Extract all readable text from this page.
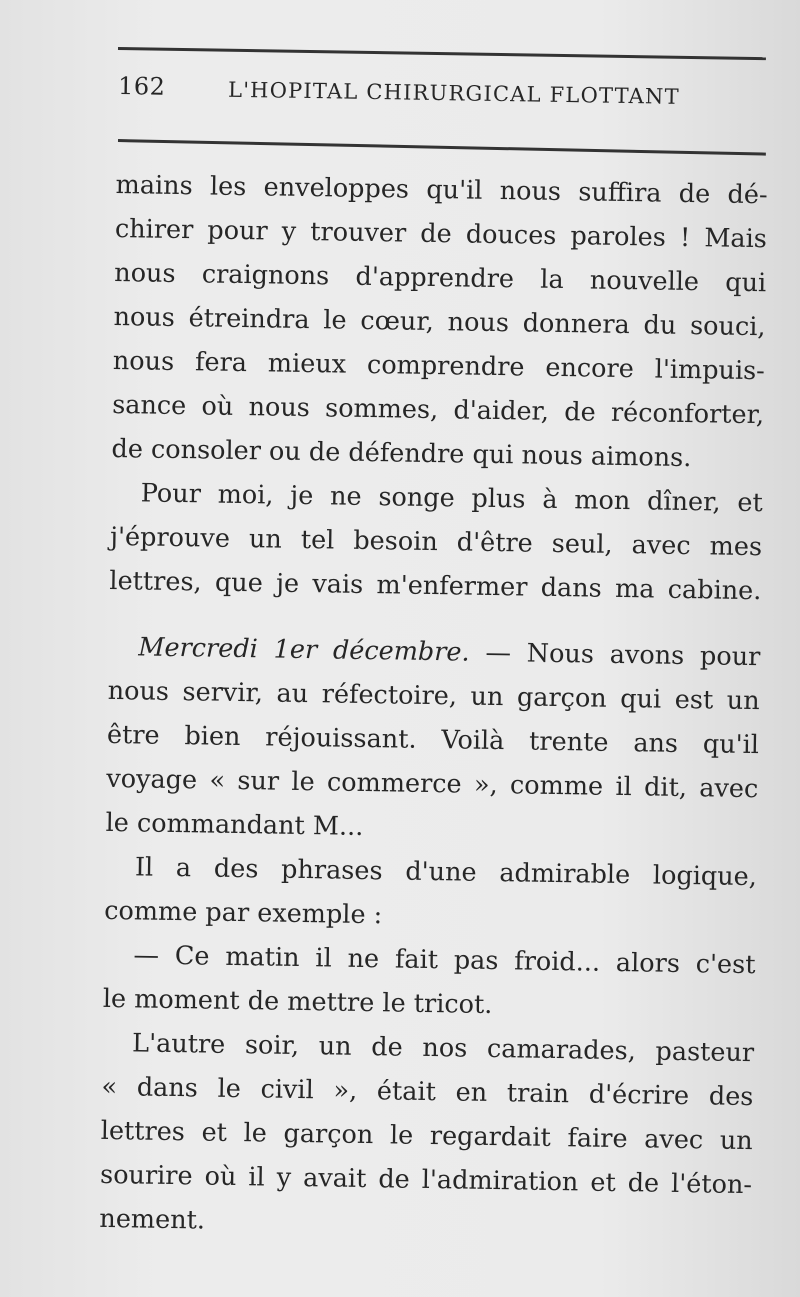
162	L'HOPITAL CHIRURGICAL FLOTTANT
mains les enveloppes qu'il nous suffira de dé-
chirer pour y trouver de douces paroles ! Mais
nous craignons d'apprendre la nouvelle qui
nous étreindra le cœur, nous donnera du souci,
nous fera mieux comprendre encore l'impuis-
sance où nous sommes, d'aider, de réconforter,
de consoler ou de défendre qui nous aimons.
Pour moi, je ne songe plus à mon dîner, et
j'éprouve un tel besoin d'être seul, avec mes
lettres, que je vais m'enfermer dans ma cabine.
Mercredi 1er décembre. — Nous avons pour
nous servir, au réfectoire, un garçon qui est un
être bien réjouissant. Voilà trente ans qu'il
voyage « sur le commerce », comme il dit, avec
le commandant M...
Il a des phrases d'une admirable logique,
comme par exemple :
— Ce matin il ne fait pas froid... alors c'est
le moment de mettre le tricot.
L'autre soir, un de nos camarades, pasteur
« dans le civil », était en train d'écrire des
lettres et le garçon le regardait faire avec un
sourire où il y avait de l'admiration et de l'éton-
nement.
